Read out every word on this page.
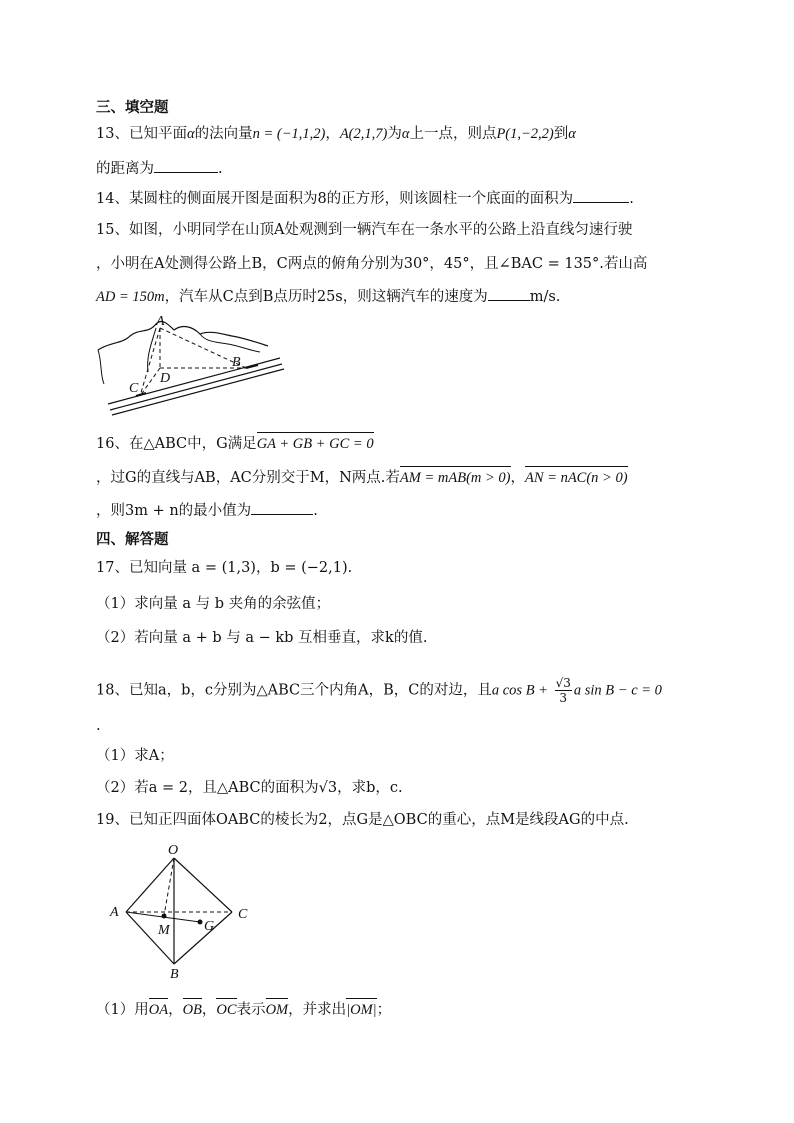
三、填空题
13、已知平面α的法向量n = (−1,1,2)，A(2,1,7)为α上一点，则点P(1,−2,2)到α
的距离为	.
14、某圆柱的侧面展开图是面积为8的正方形，则该圆柱一个底面的面积为	.
15、如图，小明同学在山顶A处观测到一辆汽车在一条水平的公路上沿直线匀速行驶
，小明在A处测得公路上B，C两点的俯角分别为30°，45°，且∠BAC = 135°.若山高
AD = 150m，汽车从C点到B点历时25s，则这辆汽车的速度为	m/s.
A
B
C
D
16、在△ABC中，G满足GA + GB + GC = 0
，过G的直线与AB，AC分别交于M，N两点.若AM = mAB(m > 0)，AN = nAC(n > 0)
，则3m + n的最小值为	.
四、解答题
17、已知向量 a = (1,3)，b = (−2,1).
（1）求向量 a 与 b 夹角的余弦值；
（2）若向量 a + b 与 a − kb 互相垂直，求k的值.
18、已知a，b，c分别为△ABC三个内角A，B，C的对边，且a $\cos B + \frac{√3}{3}$ a sin B − c = 0
.
（1）求A；
（2）若a = 2，且△ABC的面积为√3，求b，c.
19、已知正四面体OABC的棱长为2，点G是△OBC的重心，点M是线段AG的中点.
O
A
B
C
M G
（1）用OA，OB，OC表示OM，并求出|OM|；
